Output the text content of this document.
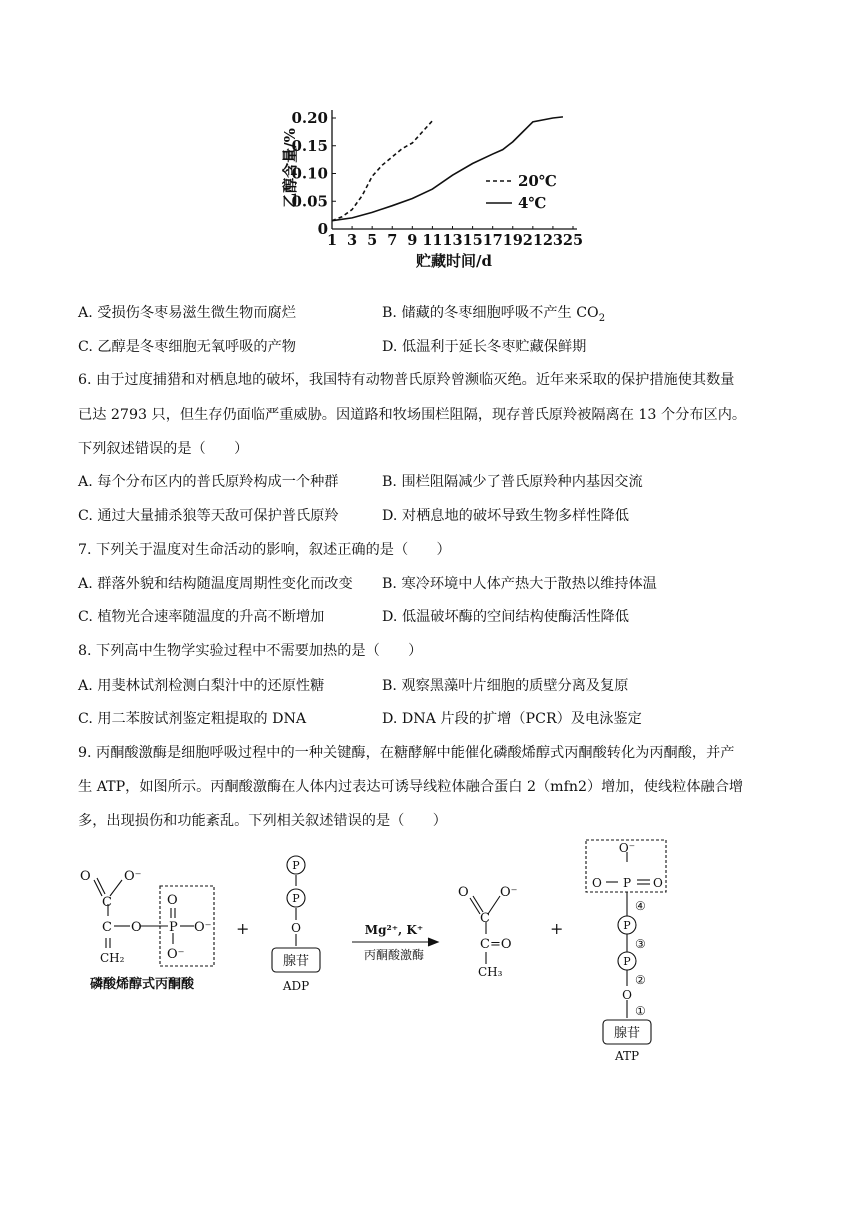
0
0.05
0.10
0.15
0.20
1 3 5 7 9 11 13 15 17 19 21 23 25
20℃
4℃
乙醇含量/%
贮藏时间/d
A. 受损伤冬枣易滋生微生物而腐烂	B. 储藏的冬枣细胞呼吸不产生 $CO_2$
C. 乙醇是冬枣细胞无氧呼吸的产物	D. 低温利于延长冬枣贮藏保鲜期
6. 由于过度捕猎和对栖息地的破坏，我国特有动物普氏原羚曾濒临灭绝。近年来采取的保护措施使其数量
已达 2793 只，但生存仍面临严重威胁。因道路和牧场围栏阻隔，现存普氏原羚被隔离在 13 个分布区内。
下列叙述错误的是（　　）
A. 每个分布区内的普氏原羚构成一个种群	B. 围栏阻隔减少了普氏原羚种内基因交流
C. 通过大量捕杀狼等天敌可保护普氏原羚	D. 对栖息地的破坏导致生物多样性降低
7. 下列关于温度对生命活动的影响，叙述正确的是（　　）
A. 群落外貌和结构随温度周期性变化而改变 B. 寒冷环境中人体产热大于散热以维持体温
C. 植物光合速率随温度的升高不断增加	D. 低温破坏酶的空间结构使酶活性降低
8. 下列高中生物学实验过程中不需要加热的是（　　）
A. 用斐林试剂检测白梨汁中的还原性糖	B. 观察黑藻叶片细胞的质壁分离及复原
C. 用二苯胺试剂鉴定粗提取的 DNA	D. DNA 片段的扩增（PCR）及电泳鉴定
9. 丙酮酸激酶是细胞呼吸过程中的一种关键酶，在糖酵解中能催化磷酸烯醇式丙酮酸转化为丙酮酸，并产
生 ATP，如图所示。丙酮酸激酶在人体内过表达可诱导线粒体融合蛋白 2（mfn2）增加，使线粒体融合增
多，出现损伤和功能紊乱。下列相关叙述错误的是（　　）
O	O⁻
C
C
CH₂
O
O
P O⁻
O⁻
磷酸烯醇式丙酮酸
+	+
P
P
O
腺苷
ADP
Mg²⁺, K⁺
丙酮酸激酶
O O⁻
C
C=O
CH₃
O⁻
O P O
④
P
③
P
②
O
①
腺苷
ATP
